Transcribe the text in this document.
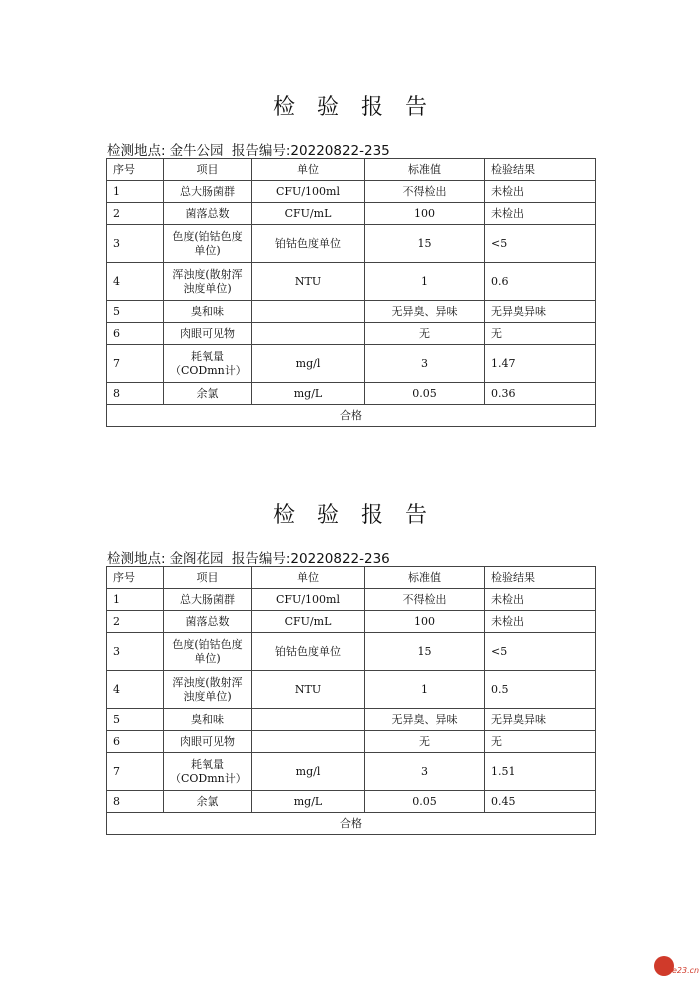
检验报告
检测地点: 金牛公园 报告编号:20220822-235
序号	项目	单位	标准值	检验结果
1	总大肠菌群	CFU/100ml	不得检出	未检出
2	菌落总数	CFU/mL	100	未检出
3	色度(铂钴色度单位)	铂钴色度单位	15	<5
4	浑浊度(散射浑浊度单位)	NTU	1	0.6
5	臭和味		无异臭、异味	无异臭异味
6	肉眼可见物		无	无
7	耗氧量（CODmn计）	mg/l	3	1.47
8	余氯	mg/L	0.05	0.36
合格				
检验报告
检测地点: 金阁花园 报告编号:20220822-236
序号	项目	单位	标准值	检验结果
1	总大肠菌群	CFU/100ml	不得检出	未检出
2	菌落总数	CFU/mL	100	未检出
3	色度(铂钴色度单位)	铂钴色度单位	15	<5
4	浑浊度(散射浑浊度单位)	NTU	1	0.5
5	臭和味		无异臭、异味	无异臭异味
6	肉眼可见物		无	无
7	耗氧量（CODmn计）	mg/l	3	1.51
8	余氯	mg/L	0.05	0.45
合格				
e23.cn
